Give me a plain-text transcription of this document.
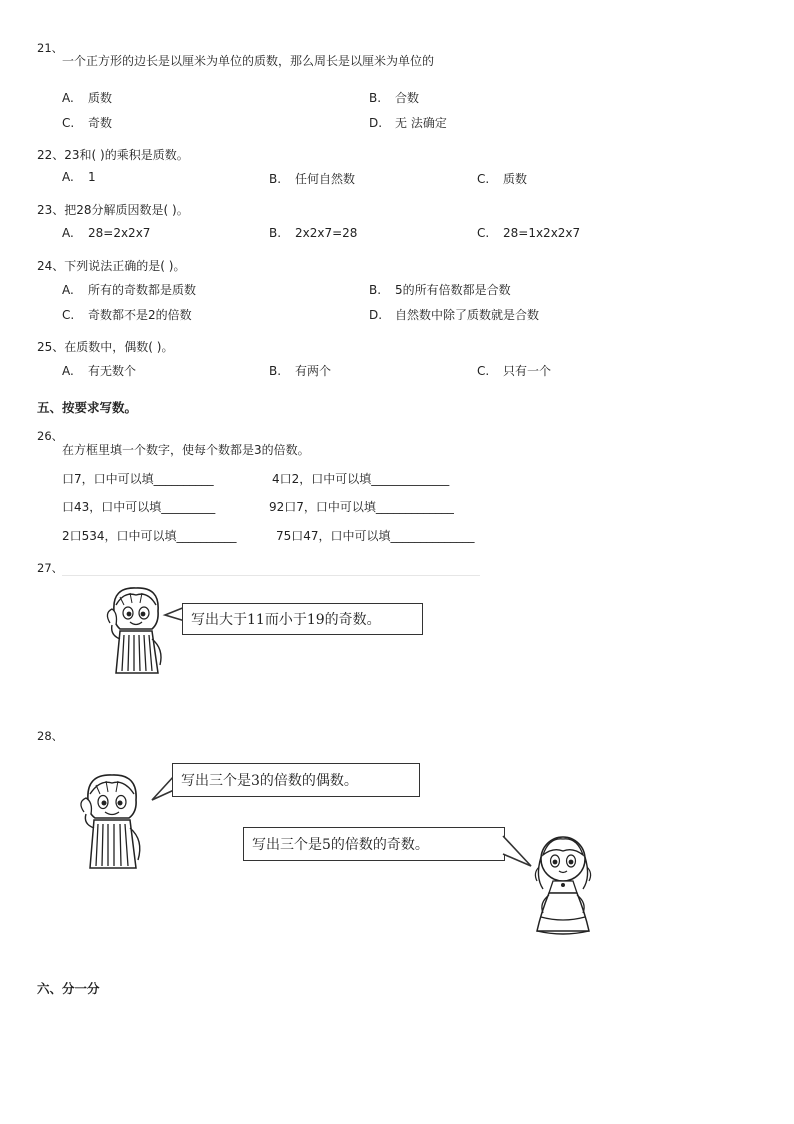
21、
一个正方形的边长是以厘米为单位的质数，那么周长是以厘米为单位的
A. 质数	B. 合数
C. 奇数	D. 无 法确定
22、23和( )的乘积是质数。
A. 1	B. 任何自然数	C. 质数
23、把28分解质因数是( )。
A. 28=2x2x7	B. 2x2x7=28	C. 28=1x2x2x7
24、下列说法正确的是( )。
A. 所有的奇数都是质数	B. 5的所有倍数都是合数
C. 奇数都不是2的倍数	D. 自然数中除了质数就是合数
25、在质数中，偶数( )。
A. 有无数个	B. 有两个	C. 只有一个
五、按要求写数。
26、
在方框里填一个数字，使每个数都是3的倍数。
口7，口中可以填__________	4口2，口中可以填_____________
口43，口中可以填_________	92口7，口中可以填_____________
2口534，口中可以填__________	75口47，口中可以填______________
27、
写出大于11而小于19的奇数。
28、
写出三个是3的倍数的偶数。
写出三个是5的倍数的奇数。
六、分一分
